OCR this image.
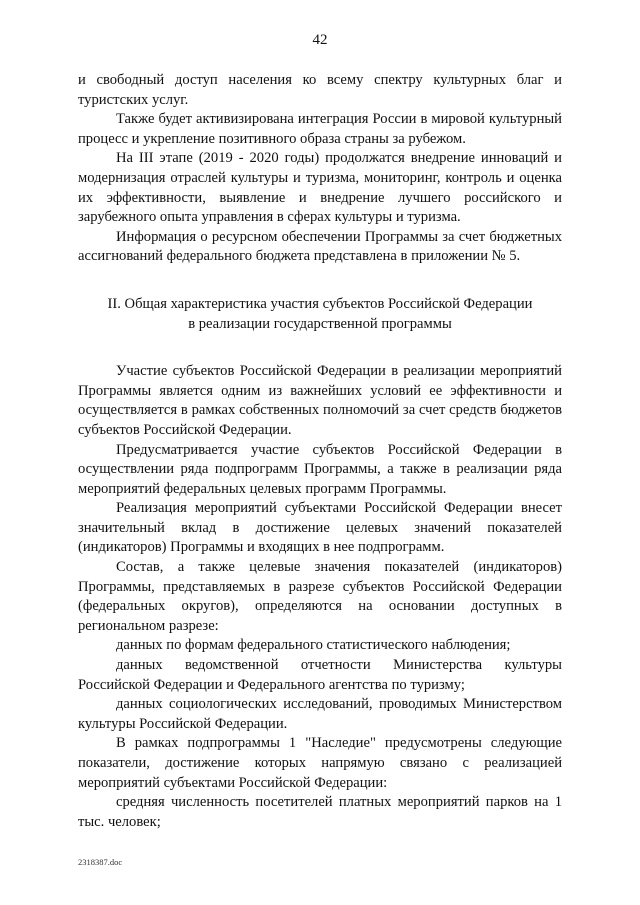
42

и свободный доступ населения ко всему спектру культурных благ и туристских услуг.

Также будет активизирована интеграция России в мировой культурный процесс и укрепление позитивного образа страны за рубежом.

На III этапе (2019 - 2020 годы) продолжатся внедрение инноваций и модернизация отраслей культуры и туризма, мониторинг, контроль и оценка их эффективности, выявление и внедрение лучшего российского и зарубежного опыта управления в сферах культуры и туризма.

Информация о ресурсном обеспечении Программы за счет бюджетных ассигнований федерального бюджета представлена в приложении № 5.

II. Общая характеристика участия субъектов Российской Федерации
в реализации государственной программы

Участие субъектов Российской Федерации в реализации мероприятий Программы является одним из важнейших условий ее эффективности и осуществляется в рамках собственных полномочий за счет средств бюджетов субъектов Российской Федерации.

Предусматривается участие субъектов Российской Федерации в осуществлении ряда подпрограмм Программы, а также в реализации ряда мероприятий федеральных целевых программ Программы.

Реализация мероприятий субъектами Российской Федерации внесет значительный вклад в достижение целевых значений показателей (индикаторов) Программы и входящих в нее подпрограмм.

Состав, а также целевые значения показателей (индикаторов) Программы, представляемых в разрезе субъектов Российской Федерации (федеральных округов), определяются на основании доступных в региональном разрезе:

данных по формам федерального статистического наблюдения;

данных ведомственной отчетности Министерства культуры Российской Федерации и Федерального агентства по туризму;

данных социологических исследований, проводимых Министерством культуры Российской Федерации.

В рамках подпрограммы 1 "Наследие" предусмотрены следующие показатели, достижение которых напрямую связано с реализацией мероприятий субъектами Российской Федерации:

средняя численность посетителей платных мероприятий парков на 1 тыс. человек;

2318387.doc
